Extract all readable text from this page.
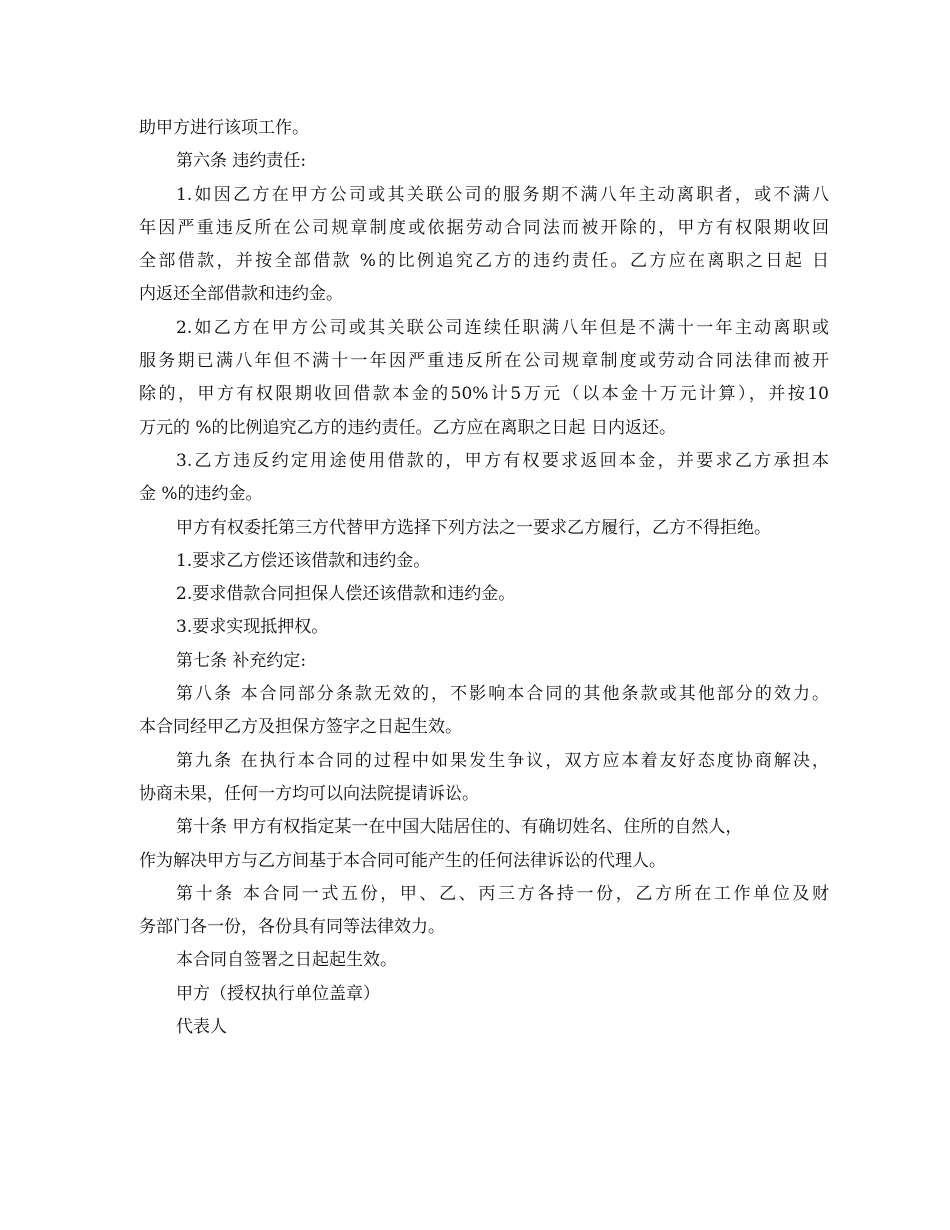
助甲方进行该项工作。
第六条 违约责任:
1.如因乙方在甲方公司或其关联公司的服务期不满八年主动离职者，或不满八
年因严重违反所在公司规章制度或依据劳动合同法而被开除的，甲方有权限期收回
全部借款，并按全部借款 %的比例追究乙方的违约责任。乙方应在离职之日起 日
内返还全部借款和违约金。
2.如乙方在甲方公司或其关联公司连续任职满八年但是不满十一年主动离职或
服务期已满八年但不满十一年因严重违反所在公司规章制度或劳动合同法律而被开
除的，甲方有权限期收回借款本金的50%计5万元（以本金十万元计算），并按10
万元的 %的比例追究乙方的违约责任。乙方应在离职之日起 日内返还。
3.乙方违反约定用途使用借款的，甲方有权要求返回本金，并要求乙方承担本
金 %的违约金。
甲方有权委托第三方代替甲方选择下列方法之一要求乙方履行，乙方不得拒绝。
1.要求乙方偿还该借款和违约金。
2.要求借款合同担保人偿还该借款和违约金。
3.要求实现抵押权。
第七条 补充约定:
第八条 本合同部分条款无效的，不影响本合同的其他条款或其他部分的效力。
本合同经甲乙方及担保方签字之日起生效。
第九条 在执行本合同的过程中如果发生争议，双方应本着友好态度协商解决，
协商未果，任何一方均可以向法院提请诉讼。
第十条 甲方有权指定某一在中国大陆居住的、有确切姓名、住所的自然人，
作为解决甲方与乙方间基于本合同可能产生的任何法律诉讼的代理人。
第十条 本合同一式五份，甲、乙、丙三方各持一份，乙方所在工作单位及财
务部门各一份，各份具有同等法律效力。
本合同自签署之日起起生效。
甲方（授权执行单位盖章）
代表人
